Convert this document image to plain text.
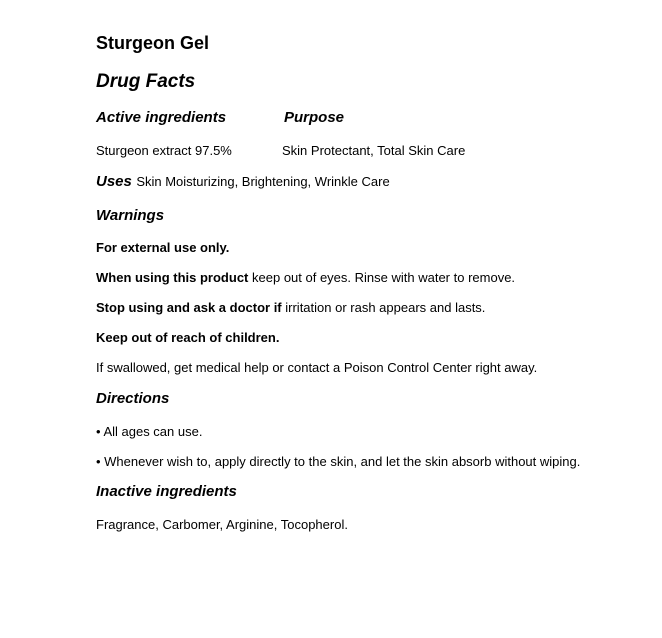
Sturgeon Gel
Drug Facts
Active ingredients	Purpose
Sturgeon extract 97.5%	Skin Protectant, Total Skin Care
Uses Skin Moisturizing, Brightening, Wrinkle Care
Warnings
For external use only.
When using this product keep out of eyes. Rinse with water to remove.
Stop using and ask a doctor if irritation or rash appears and lasts.
Keep out of reach of children.
If swallowed, get medical help or contact a Poison Control Center right away.
Directions
• All ages can use.
• Whenever wish to, apply directly to the skin, and let the skin absorb without wiping.
Inactive ingredients
Fragrance, Carbomer, Arginine, Tocopherol.
